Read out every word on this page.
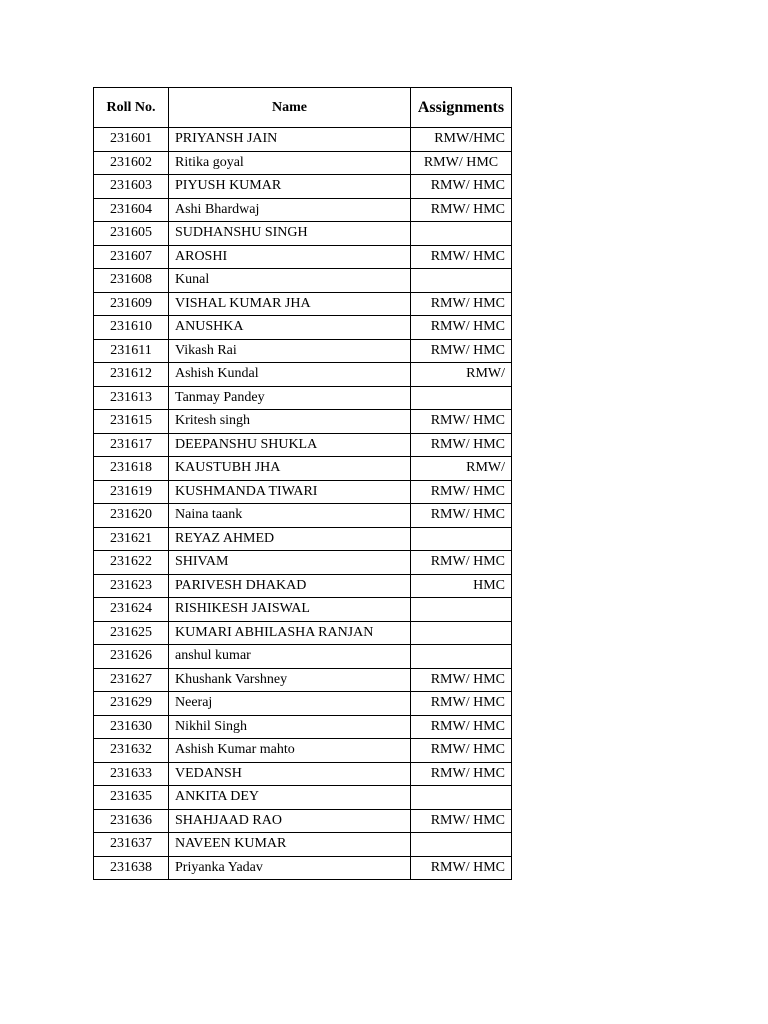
Roll No.	Name	Assignments
231601	PRIYANSH JAIN	RMW/HMC
231602	Ritika goyal	RMW/ HMC
231603	PIYUSH KUMAR	RMW/ HMC
231604	Ashi Bhardwaj	RMW/ HMC
231605	SUDHANSHU SINGH	
231607	AROSHI	RMW/ HMC
231608	Kunal	
231609	VISHAL KUMAR JHA	RMW/ HMC
231610	ANUSHKA	RMW/ HMC
231611	Vikash Rai	RMW/ HMC
231612	Ashish Kundal	RMW/
231613	Tanmay Pandey	
231615	Kritesh singh	RMW/ HMC
231617	DEEPANSHU SHUKLA	RMW/ HMC
231618	KAUSTUBH JHA	RMW/
231619	KUSHMANDA TIWARI	RMW/ HMC
231620	Naina taank	RMW/ HMC
231621	REYAZ AHMED	
231622	SHIVAM	RMW/ HMC
231623	PARIVESH DHAKAD	HMC
231624	RISHIKESH JAISWAL	
231625	KUMARI ABHILASHA RANJAN	
231626	anshul kumar	
231627	Khushank Varshney	RMW/ HMC
231629	Neeraj	RMW/ HMC
231630	Nikhil Singh	RMW/ HMC
231632	Ashish Kumar mahto	RMW/ HMC
231633	VEDANSH	RMW/ HMC
231635	ANKITA DEY	
231636	SHAHJAAD RAO	RMW/ HMC
231637	NAVEEN KUMAR	
231638	Priyanka Yadav	RMW/ HMC
